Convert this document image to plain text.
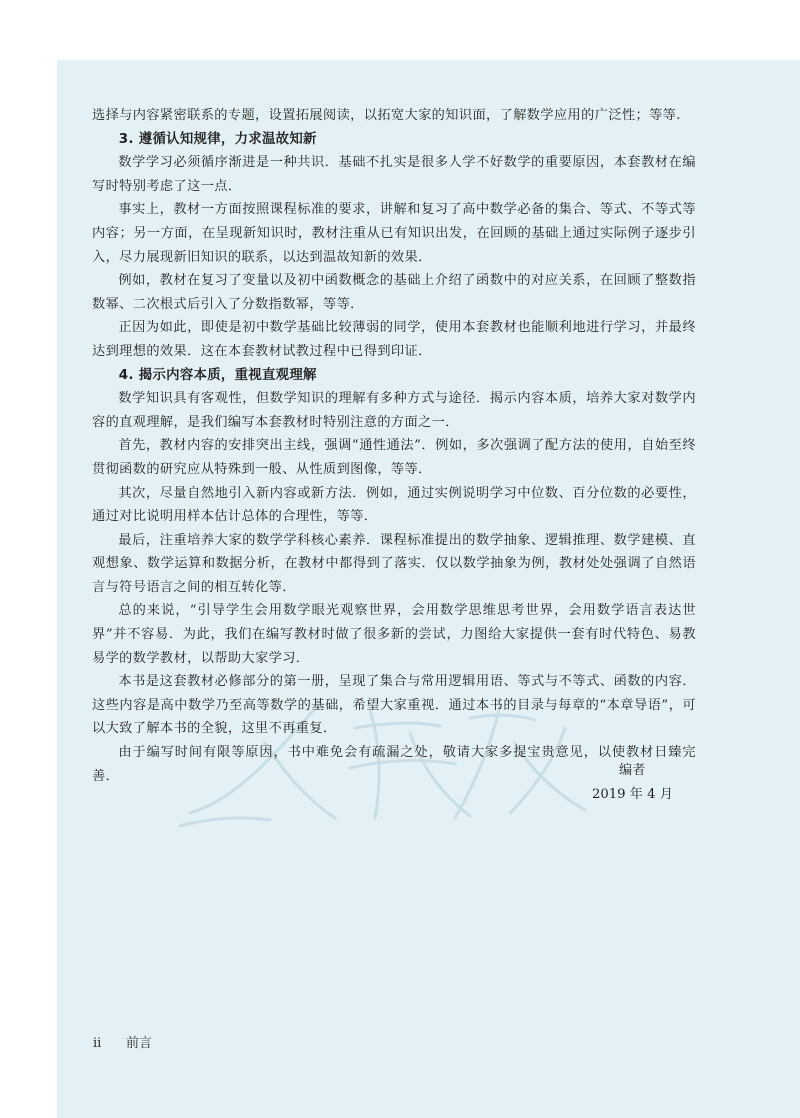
选择与内容紧密联系的专题，设置拓展阅读，以拓宽大家的知识面，了解数学应用的广泛性；等等.

3. 遵循认知规律，力求温故知新

数学学习必须循序渐进是一种共识．基础不扎实是很多人学不好数学的重要原因，本套教材在编写时特别考虑了这一点．

事实上，教材一方面按照课程标准的要求，讲解和复习了高中数学必备的集合、等式、不等式等内容；另一方面，在呈现新知识时，教材注重从已有知识出发，在回顾的基础上通过实际例子逐步引入，尽力展现新旧知识的联系，以达到温故知新的效果．

例如，教材在复习了变量以及初中函数概念的基础上介绍了函数中的对应关系，在回顾了整数指数幂、二次根式后引入了分数指数幂，等等．

正因为如此，即使是初中数学基础比较薄弱的同学，使用本套教材也能顺利地进行学习，并最终达到理想的效果．这在本套教材试教过程中已得到印证．

4. 揭示内容本质，重视直观理解

数学知识具有客观性，但数学知识的理解有多种方式与途径．揭示内容本质，培养大家对数学内容的直观理解，是我们编写本套教材时特别注意的方面之一．

首先，教材内容的安排突出主线，强调“通性通法”．例如，多次强调了配方法的使用，自始至终贯彻函数的研究应从特殊到一般、从性质到图像，等等．

其次，尽量自然地引入新内容或新方法．例如，通过实例说明学习中位数、百分位数的必要性，通过对比说明用样本估计总体的合理性，等等．

最后，注重培养大家的数学学科核心素养．课程标准提出的数学抽象、逻辑推理、数学建模、直观想象、数学运算和数据分析，在教材中都得到了落实．仅以数学抽象为例，教材处处强调了自然语言与符号语言之间的相互转化等．

总的来说，“引导学生会用数学眼光观察世界，会用数学思维思考世界，会用数学语言表达世界”并不容易．为此，我们在编写教材时做了很多新的尝试，力图给大家提供一套有时代特色、易教易学的数学教材，以帮助大家学习．

本书是这套教材必修部分的第一册，呈现了集合与常用逻辑用语、等式与不等式、函数的内容．这些内容是高中数学乃至高等数学的基础，希望大家重视．通过本书的目录与每章的“本章导语”，可以大致了解本书的全貌，这里不再重复．

由于编写时间有限等原因，书中难免会有疏漏之处，敬请大家多提宝贵意见，以使教材日臻完善．	编者
2019 年 4 月
ii 前言
